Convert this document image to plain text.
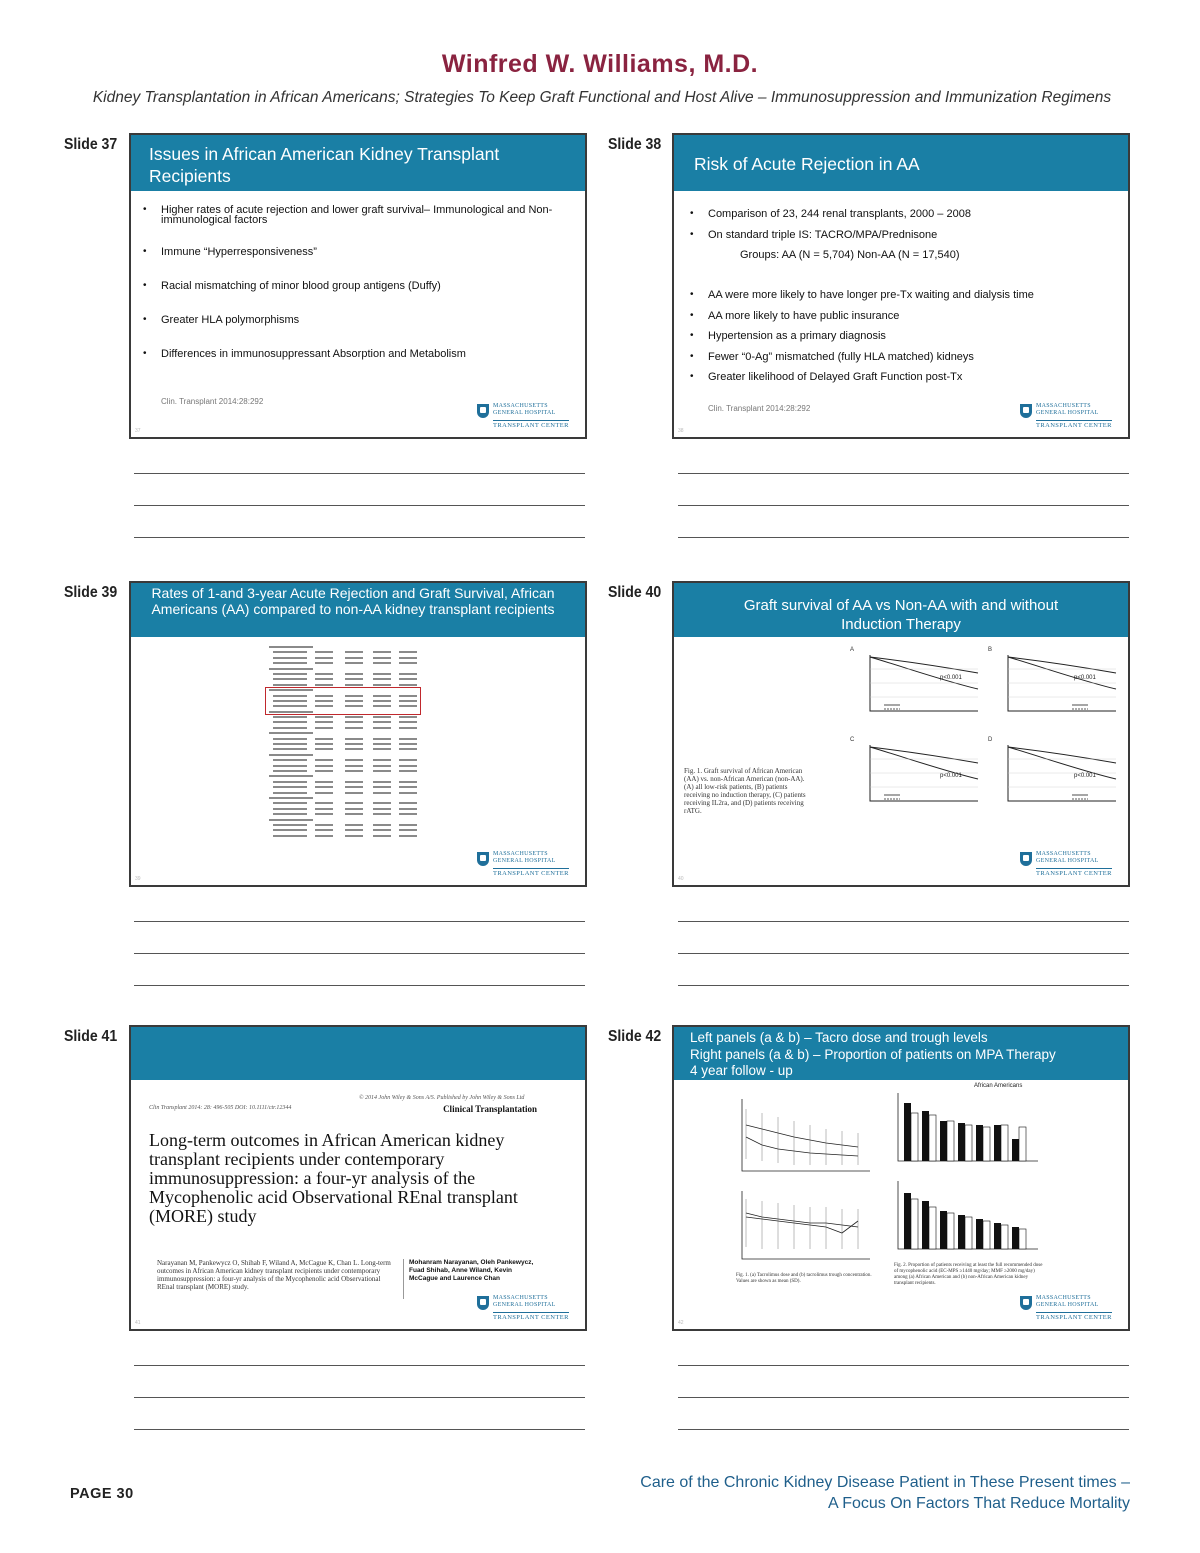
Winfred W. Williams, M.D.
Kidney Transplantation in African Americans; Strategies To Keep Graft Functional and Host Alive – Immunosuppression and Immunization Regimens
Slide 37	Issues in African American Kidney Transplant Recipients
• Higher rates of acute rejection and lower graft survival– Immunological and Non-immunological factors
• Immune “Hyperresponsiveness”
• Racial mismatching of minor blood group antigens (Duffy)
• Greater HLA polymorphisms
• Differences in immunosuppressant Absorption and Metabolism
Clin. Transplant 2014:28:292	MASSACHUSETTS
GENERAL HOSPITAL
TRANSPLANT CENTER
37
Slide 38
Risk of Acute Rejection in AA
• Comparison of 23, 244 renal transplants, 2000 – 2008
• On standard triple IS: TACRO/MPA/Prednisone
Groups: AA (N = 5,704) Non-AA (N = 17,540)
• AA were more likely to have longer pre-Tx waiting and dialysis time
• AA more likely to have public insurance
• Hypertension as a primary diagnosis
• Fewer “0-Ag” mismatched (fully HLA matched) kidneys
• Greater likelihood of Delayed Graft Function post-Tx
Clin. Transplant 2014:28:292	MASSACHUSETTS
GENERAL HOSPITAL
TRANSPLANT CENTER
38
Slide 39	Rates of 1-and 3-year Acute Rejection and Graft Survival, African Americans (AA) compared to non-AA kidney transplant recipients
MASSACHUSETTS
GENERAL HOSPITAL
TRANSPLANT CENTER
39
Slide 40
Graft survival of AA vs Non-AA with and without Induction Therapy
A
p<0.001
B
p<0.001
C
p<0.001
D
p<0.001
Fig. 1. Graft survival of African American (AA) vs. non-African American (non-AA). (A) all low-risk patients, (B) patients receiving no induction therapy, (C) patients receiving IL2ra, and (D) patients receiving rATG.
MASSACHUSETTS
GENERAL HOSPITAL
TRANSPLANT CENTER
40
Slide 41
Clin Transplant 2014: 28: 496-505 DOI: 10.1111/ctr.12344
© 2014 John Wiley & Sons A/S. Published by John Wiley & Sons Ltd
Clinical Transplantation
Long-term outcomes in African American kidney transplant recipients under contemporary immunosuppression: a four-yr analysis of the Mycophenolic acid Observational REnal transplant (MORE) study
Narayanan M, Pankewycz O, Shihab F, Wiland A, McCague K, Chan L. Long-term outcomes in African American kidney transplant recipients under contemporary immunosuppression: a four-yr analysis of the Mycophenolic acid Observational REnal transplant (MORE) study.
Mohanram Narayanan, Oleh Pankewycz, Fuad Shihab, Anne Wiland, Kevin McCague and Laurence Chan
MASSACHUSETTS
GENERAL HOSPITAL
TRANSPLANT CENTER
41
Slide 42 Left panels (a & b) – Tacro dose and trough levels
Right panels (a & b) – Proportion of patients on MPA Therapy
4 year follow - up
Fig. 1. (a) Tacrolimus dose and (b) tacrolimus trough concentration. Values are shown as mean (SD).
African Americans
Fig. 2. Proportion of patients receiving at least the full recommended dose of mycophenolic acid (EC-MPS ≥1440 mg/day; MMF ≥2000 mg/day) among (a) African American and (b) non-African American kidney transplant recipients.
MASSACHUSETTS
GENERAL HOSPITAL
TRANSPLANT CENTER
42
PAGE 30
Care of the Chronic Kidney Disease Patient in These Present times –
A Focus On Factors That Reduce Mortality
